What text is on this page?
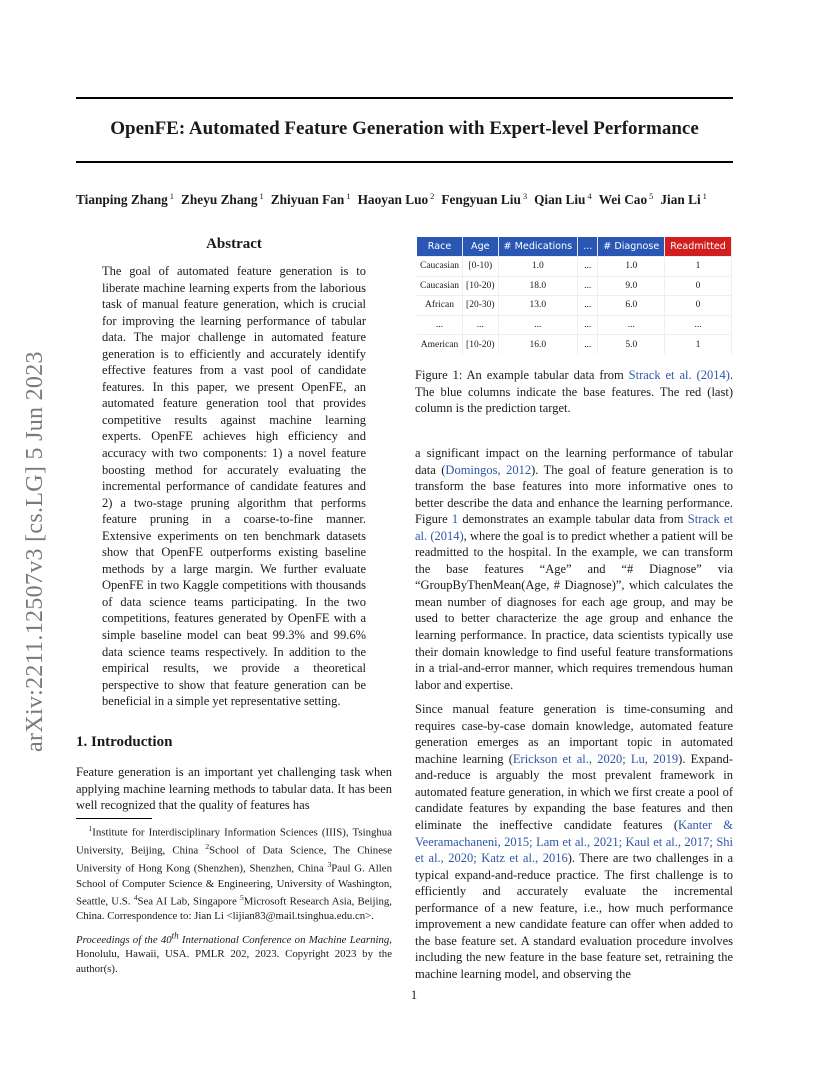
OpenFE: Automated Feature Generation with Expert-level Performance
Tianping Zhang $^1$ Zheyu Zhang $^1$ Zhiyuan Fan $^1$ Haoyan Luo $^2$ Fengyuan Liu $^3$ Qian Liu $^4$ Wei Cao $^5$ Jian Li $^1$
arXiv:2211.12507v3 [cs.LG] 5 Jun 2023
Abstract
The goal of automated feature generation is to liberate machine learning experts from the laborious task of manual feature generation, which is crucial for improving the learning performance of tabular data. The major challenge in automated feature generation is to efficiently and accurately identify effective features from a vast pool of candidate features. In this paper, we present OpenFE, an automated feature generation tool that provides competitive results against machine learning experts. OpenFE achieves high efficiency and accuracy with two components: 1) a novel feature boosting method for accurately evaluating the incremental performance of candidate features and 2) a two-stage pruning algorithm that performs feature pruning in a coarse-to-fine manner. Extensive experiments on ten benchmark datasets show that OpenFE outperforms existing baseline methods by a large margin. We further evaluate OpenFE in two Kaggle competitions with thousands of data science teams participating. In the two competitions, features generated by OpenFE with a simple baseline model can beat 99.3% and 99.6% data science teams respectively. In addition to the empirical results, we provide a theoretical perspective to show that feature generation can be beneficial in a simple yet representative setting.
1. Introduction
Feature generation is an important yet challenging task when applying machine learning methods to tabular data. It has been well recognized that the quality of features has
$^1$Institute for Interdisciplinary Information Sciences (IIIS), Tsinghua University, Beijing, China $^2$School of Data Science, The Chinese University of Hong Kong (Shenzhen), Shenzhen, China $^3$Paul G. Allen School of Computer Science & Engineering, University of Washington, Seattle, U.S. $^4$Sea AI Lab, Singapore $^5$Microsoft Research Asia, Beijing, China. Correspondence to: Jian Li <lijian83@mail.tsinghua.edu.cn>.
Proceedings of the 40th International Conference on Machine Learning, Honolulu, Hawaii, USA. PMLR 202, 2023. Copyright 2023 by the author(s).
Race	Age	# Medications	...	# Diagnose	Readmitted
Caucasian	[0-10)	1.0	...	1.0	1
Caucasian	[10-20)	18.0	...	9.0	0
African	[20-30)	13.0	...	6.0	0
...	...	...	...	...	...
American	[10-20)	16.0	...	5.0	1
Figure 1: An example tabular data from Strack et al. (2014). The blue columns indicate the base features. The red (last) column is the prediction target.

a significant impact on the learning performance of tabular data (Domingos, 2012). The goal of feature generation is to transform the base features into more informative ones to better describe the data and enhance the learning performance. Figure 1 demonstrates an example tabular data from Strack et al. (2014), where the goal is to predict whether a patient will be readmitted to the hospital. In the example, we can transform the base features “Age” and “# Diagnose” via “GroupByThenMean(Age, # Diagnose)”, which calculates the mean number of diagnoses for each age group, and may be used to better characterize the age group and enhance the learning performance. In practice, data scientists typically use their domain knowledge to find useful feature transformations in a trial-and-error manner, which requires tremendous human labor and expertise.

Since manual feature generation is time-consuming and requires case-by-case domain knowledge, automated feature generation emerges as an important topic in automated machine learning (Erickson et al., 2020; Lu, 2019). Expand-and-reduce is arguably the most prevalent framework in automated feature generation, in which we first create a pool of candidate features by expanding the base features and then eliminate the ineffective candidate features (Kanter & Veeramachaneni, 2015; Lam et al., 2021; Kaul et al., 2017; Shi et al., 2020; Katz et al., 2016). There are two challenges in a typical expand-and-reduce practice. The first challenge is to efficiently and accurately evaluate the incremental performance of a new feature, i.e., how much performance improvement a new candidate feature can offer when added to the base feature set. A standard evaluation procedure involves including the new feature in the base feature set, retraining the machine learning model, and observing the

1
